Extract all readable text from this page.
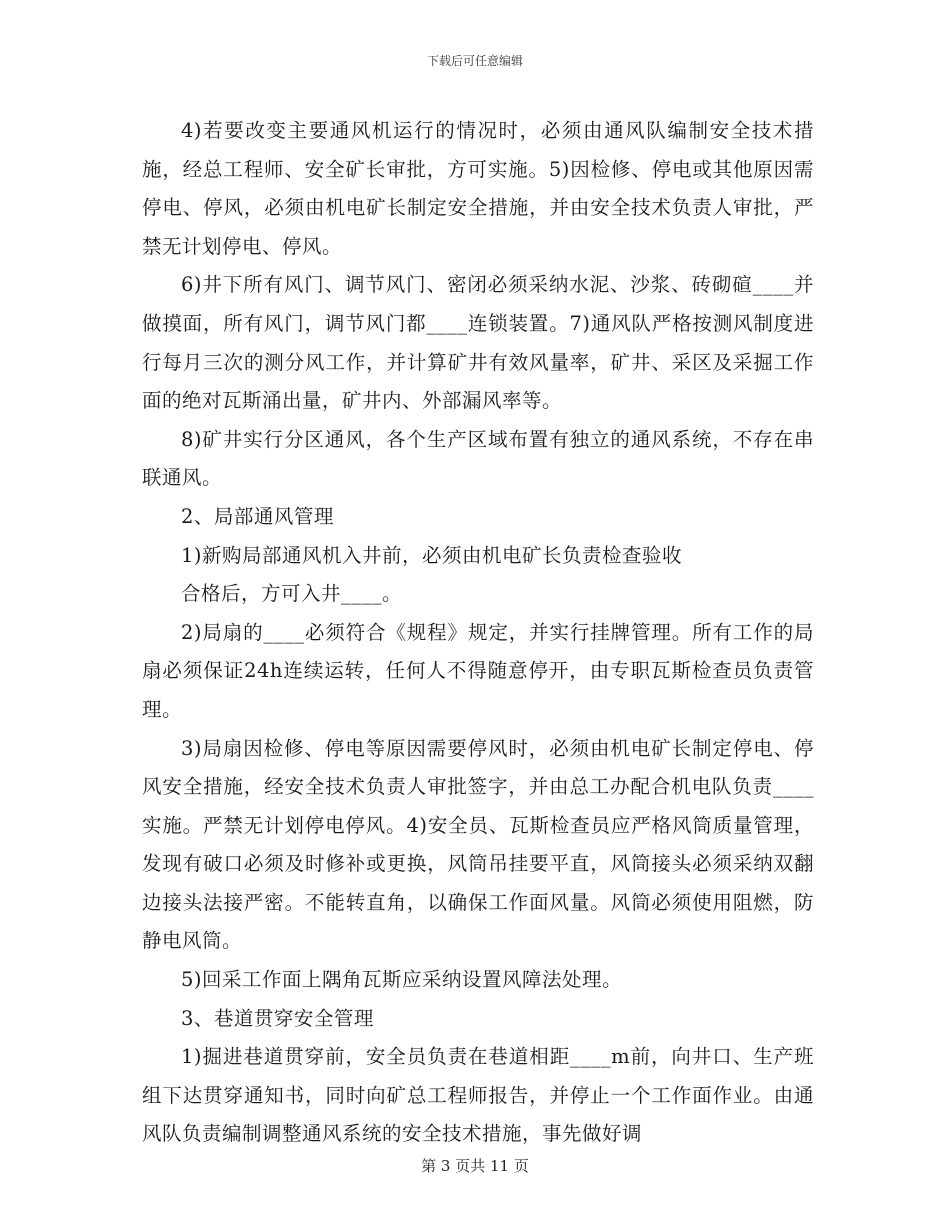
下载后可任意编辑

4)若要改变主要通风机运行的情况时，必须由通风队编制安全技术措施，经总工程师、安全矿长审批，方可实施。5)因检修、停电或其他原因需停电、停风，必须由机电矿长制定安全措施，并由安全技术负责人审批，严禁无计划停电、停风。

6)井下所有风门、调节风门、密闭必须采纳水泥、沙浆、砖砌碹____并做摸面，所有风门，调节风门都____连锁装置。7)通风队严格按测风制度进行每月三次的测分风工作，并计算矿井有效风量率，矿井、采区及采掘工作面的绝对瓦斯涌出量，矿井内、外部漏风率等。

8)矿井实行分区通风，各个生产区域布置有独立的通风系统，不存在串联通风。

2、局部通风管理

1)新购局部通风机入井前，必须由机电矿长负责检查验收

合格后，方可入井____。

2)局扇的____必须符合《规程》规定，并实行挂牌管理。所有工作的局扇必须保证24h连续运转，任何人不得随意停开，由专职瓦斯检查员负责管理。

3)局扇因检修、停电等原因需要停风时，必须由机电矿长制定停电、停风安全措施，经安全技术负责人审批签字，并由总工办配合机电队负责____实施。严禁无计划停电停风。4)安全员、瓦斯检查员应严格风筒质量管理，发现有破口必须及时修补或更换，风筒吊挂要平直，风筒接头必须采纳双翻边接头法接严密。不能转直角，以确保工作面风量。风筒必须使用阻燃，防静电风筒。

5)回采工作面上隅角瓦斯应采纳设置风障法处理。

3、巷道贯穿安全管理

1)掘进巷道贯穿前，安全员负责在巷道相距____m前，向井口、生产班组下达贯穿通知书，同时向矿总工程师报告，并停止一个工作面作业。由通风队负责编制调整通风系统的安全技术措施，事先做好调

第 3 页共 11 页
